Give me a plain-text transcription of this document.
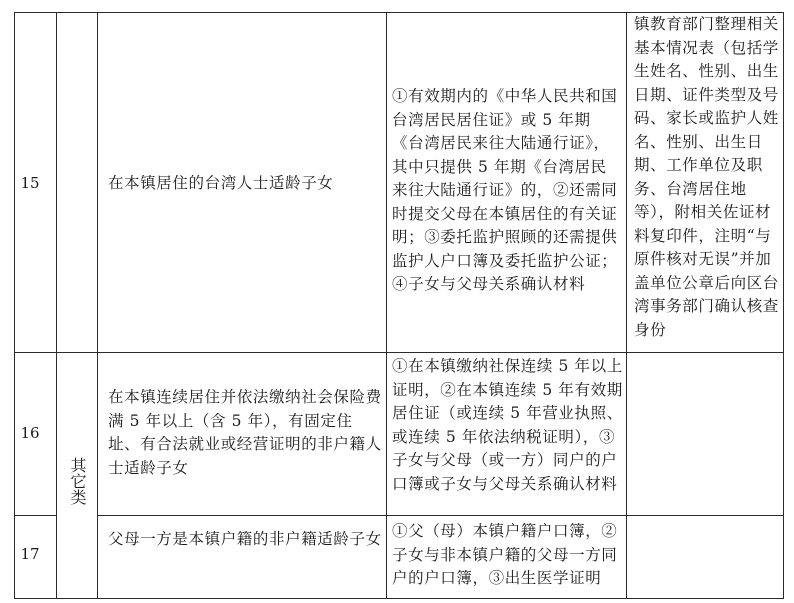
15	在本镇居住的台湾人士适龄子女
①有效期内的《中华人民共和国台湾居民居住证》或 5 年期《台湾居民来往大陆通行证》，其中只提供 5 年期《台湾居民来往大陆通行证》的，②还需同时提交父母在本镇居住的有关证明；③委托监护照顾的还需提供监护人户口簿及委托监护公证；④子女与父母关系确认材料
镇教育部门整理相关基本情况表（包括学生姓名、性别、出生日期、证件类型及号码、家长或监护人姓名、性别、出生日期、工作单位及职务、台湾居住地等），附相关佐证材料复印件，注明“与原件核对无误”并加盖单位公章后向区台湾事务部门确认核查身份
其它类
16
在本镇连续居住并依法缴纳社会保险费满 5 年以上（含 5 年），有固定住址、有合法就业或经营证明的非户籍人士适龄子女
①在本镇缴纳社保连续 5 年以上证明，②在本镇连续 5 年有效期居住证（或连续 5 年营业执照、或连续 5 年依法纳税证明），③子女与父母（或一方）同户的户口簿或子女与父母关系确认材料
17
父母一方是本镇户籍的非户籍适龄子女 ①父（母）本镇户籍户口簿，②子女与非本镇户籍的父母一方同户的户口簿，③出生医学证明
